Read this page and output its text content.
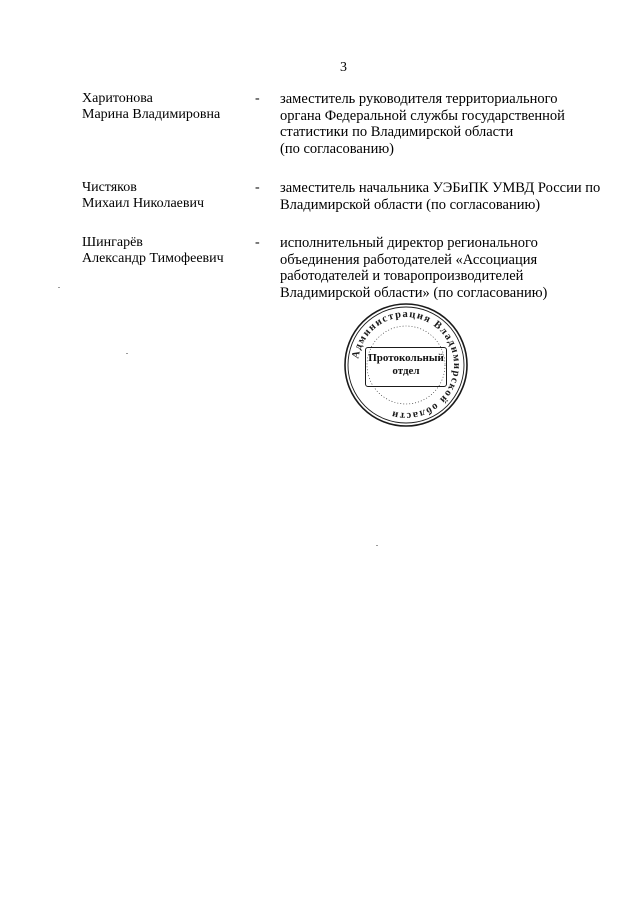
3
Харитонова
Марина Владимировна
- заместитель руководителя территориального
органа Федеральной службы государственной
статистики по Владимирской области
(по согласованию)
Чистяков
Михаил Николаевич
- заместитель начальника УЭБиПК УМВД России по
Владимирской области (по согласованию)
Шингарёв
Александр Тимофеевич
- исполнительный директор регионального
объединения работодателей «Ассоциация
работодателей и товаропроизводителей
Владимирской области» (по согласованию)
Администрация Владимирской области
Протокольный
отдел
